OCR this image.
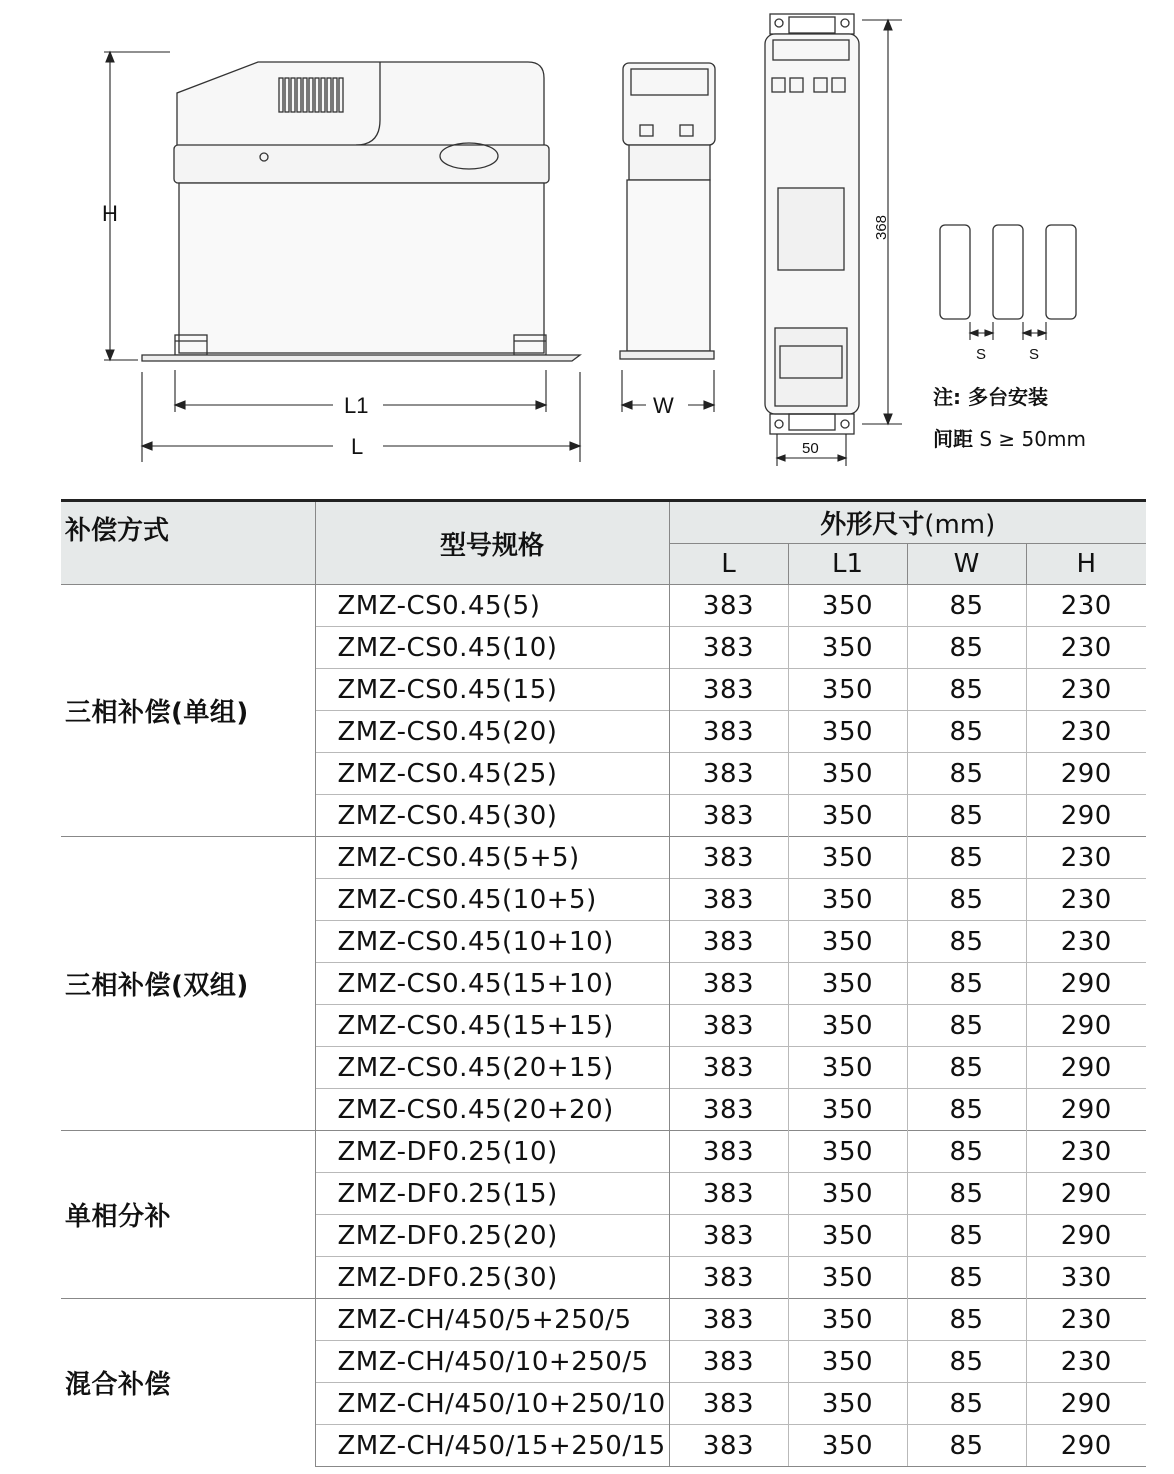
H
L1
L
W
368
50
S	S
注: 多台安装
间距 S ≥ 50mm
补偿方式	型号规格	外形尺寸(mm)			
		L	L1	W	H
三相补偿(单组)	ZMZ-CS0.45(5)	383	350	85	230
	ZMZ-CS0.45(10)	383	350	85	230
	ZMZ-CS0.45(15)	383	350	85	230
	ZMZ-CS0.45(20)	383	350	85	230
	ZMZ-CS0.45(25)	383	350	85	290
	ZMZ-CS0.45(30)	383	350	85	290
三相补偿(双组)	ZMZ-CS0.45(5+5)	383	350	85	230
	ZMZ-CS0.45(10+5)	383	350	85	230
	ZMZ-CS0.45(10+10)	383	350	85	230
	ZMZ-CS0.45(15+10)	383	350	85	290
	ZMZ-CS0.45(15+15)	383	350	85	290
	ZMZ-CS0.45(20+15)	383	350	85	290
	ZMZ-CS0.45(20+20)	383	350	85	290
单相分补	ZMZ-DF0.25(10)	383	350	85	230
	ZMZ-DF0.25(15)	383	350	85	290
	ZMZ-DF0.25(20)	383	350	85	290
	ZMZ-DF0.25(30)	383	350	85	330
混合补偿	ZMZ-CH/450/5+250/5	383	350	85	230
	ZMZ-CH/450/10+250/5	383	350	85	230
	ZMZ-CH/450/10+250/10	383	350	85	290
	ZMZ-CH/450/15+250/15	383	350	85	290
